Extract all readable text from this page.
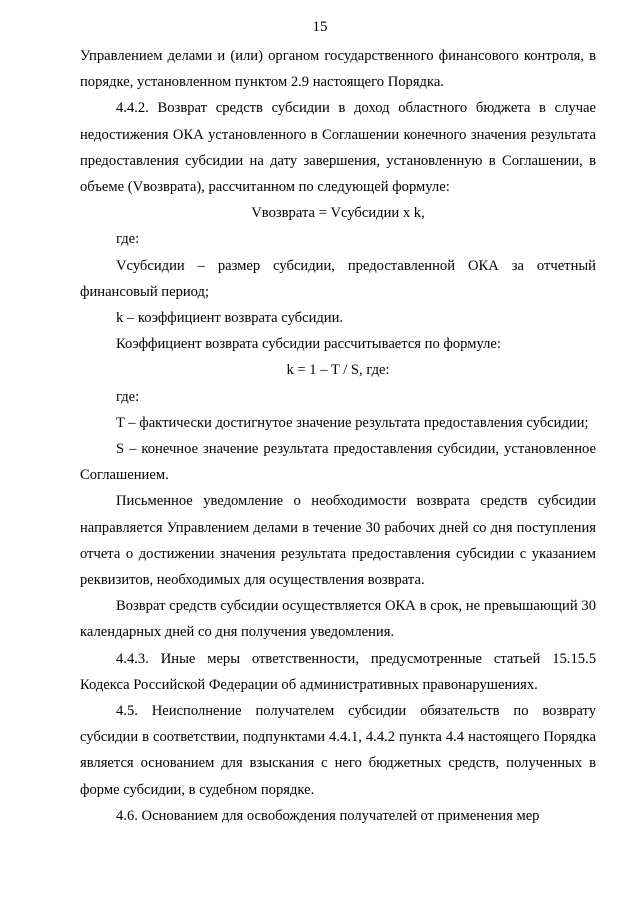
15

Управлением делами и (или) органом государственного финансового контроля, в порядке, установленном пунктом 2.9 настоящего Порядка.

4.4.2. Возврат средств субсидии в доход областного бюджета в случае недостижения ОКА установленного в Соглашении конечного значения результата предоставления субсидии на дату завершения, установленную в Соглашении, в объеме (Vвозврата), рассчитанном по следующей формуле:

Vвозврата = Vсубсидии x k,

где:

Vсубсидии – размер субсидии, предоставленной ОКА за отчетный финансовый период;

k – коэффициент возврата субсидии.

Коэффициент возврата субсидии рассчитывается по формуле:

k = 1 – T / S, где:

где:

T – фактически достигнутое значение результата предоставления субсидии;

S – конечное значение результата предоставления субсидии, установленное Соглашением.

Письменное уведомление о необходимости возврата средств субсидии направляется Управлением делами в течение 30 рабочих дней со дня поступления отчета о достижении значения результата предоставления субсидии с указанием реквизитов, необходимых для осуществления возврата.

Возврат средств субсидии осуществляется ОКА в срок, не превышающий 30 календарных дней со дня получения уведомления.

4.4.3. Иные меры ответственности, предусмотренные статьей 15.15.5 Кодекса Российской Федерации об административных правонарушениях.

4.5. Неисполнение получателем субсидии обязательств по возврату субсидии в соответствии, подпунктами 4.4.1, 4.4.2 пункта 4.4 настоящего Порядка является основанием для взыскания с него бюджетных средств, полученных в форме субсидии, в судебном порядке.

4.6. Основанием для освобождения получателей от применения мер
